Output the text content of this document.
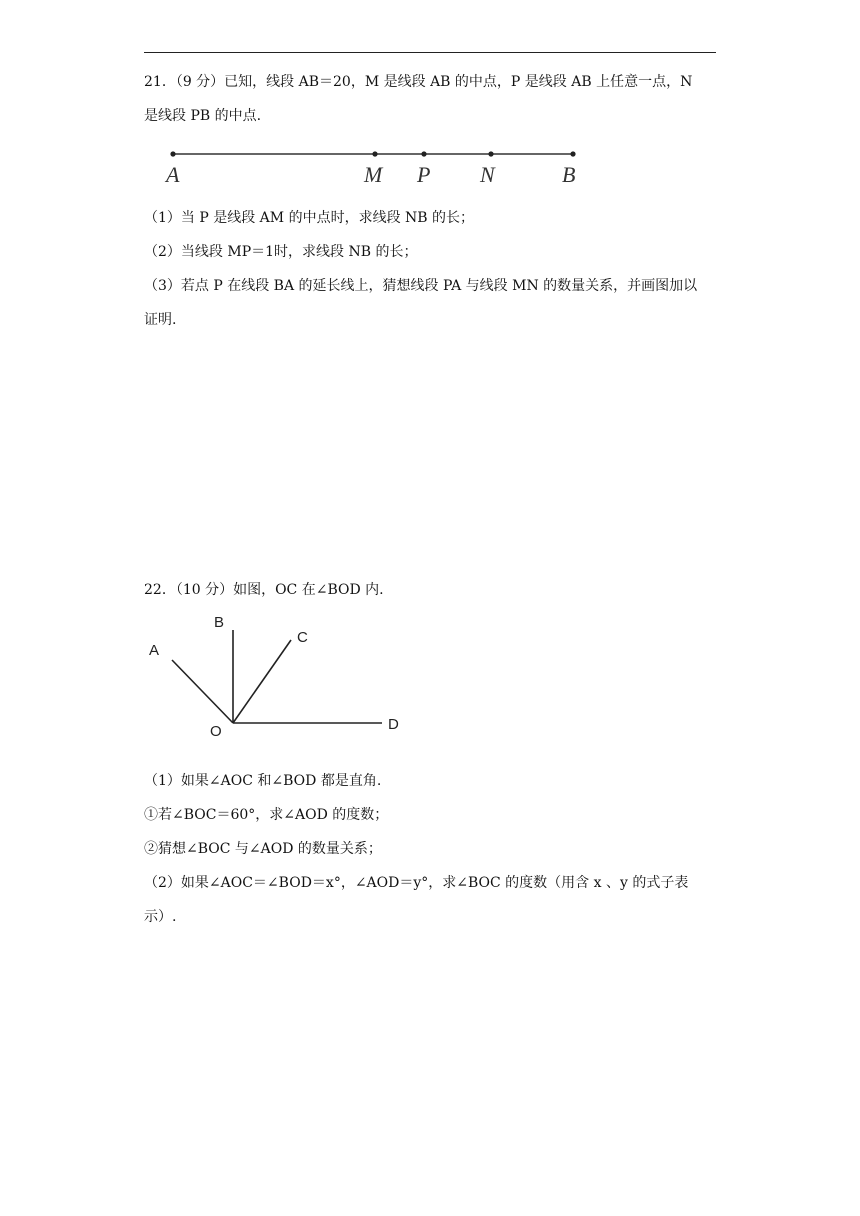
21．（9 分）已知，线段 AB＝20，M 是线段 AB 的中点，P 是线段 AB 上任意一点，N
是线段 PB 的中点.
A	M P N	B
（1）当 P 是线段 AM 的中点时，求线段 NB 的长；
（2）当线段 MP＝1时，求线段 NB 的长；
（3）若点 P 在线段 BA 的延长线上，猜想线段 PA 与线段 MN 的数量关系，并画图加以
证明.
22．（10 分）如图，OC 在∠BOD 内.
A
B
C
D
O
（1）如果∠AOC 和∠BOD 都是直角.
①若∠BOC＝60°，求∠AOD 的度数；
②猜想∠BOC 与∠AOD 的数量关系；
（2）如果∠AOC＝∠BOD＝x°，∠AOD＝y°，求∠BOC 的度数（用含 x 、y 的式子表
示）.
